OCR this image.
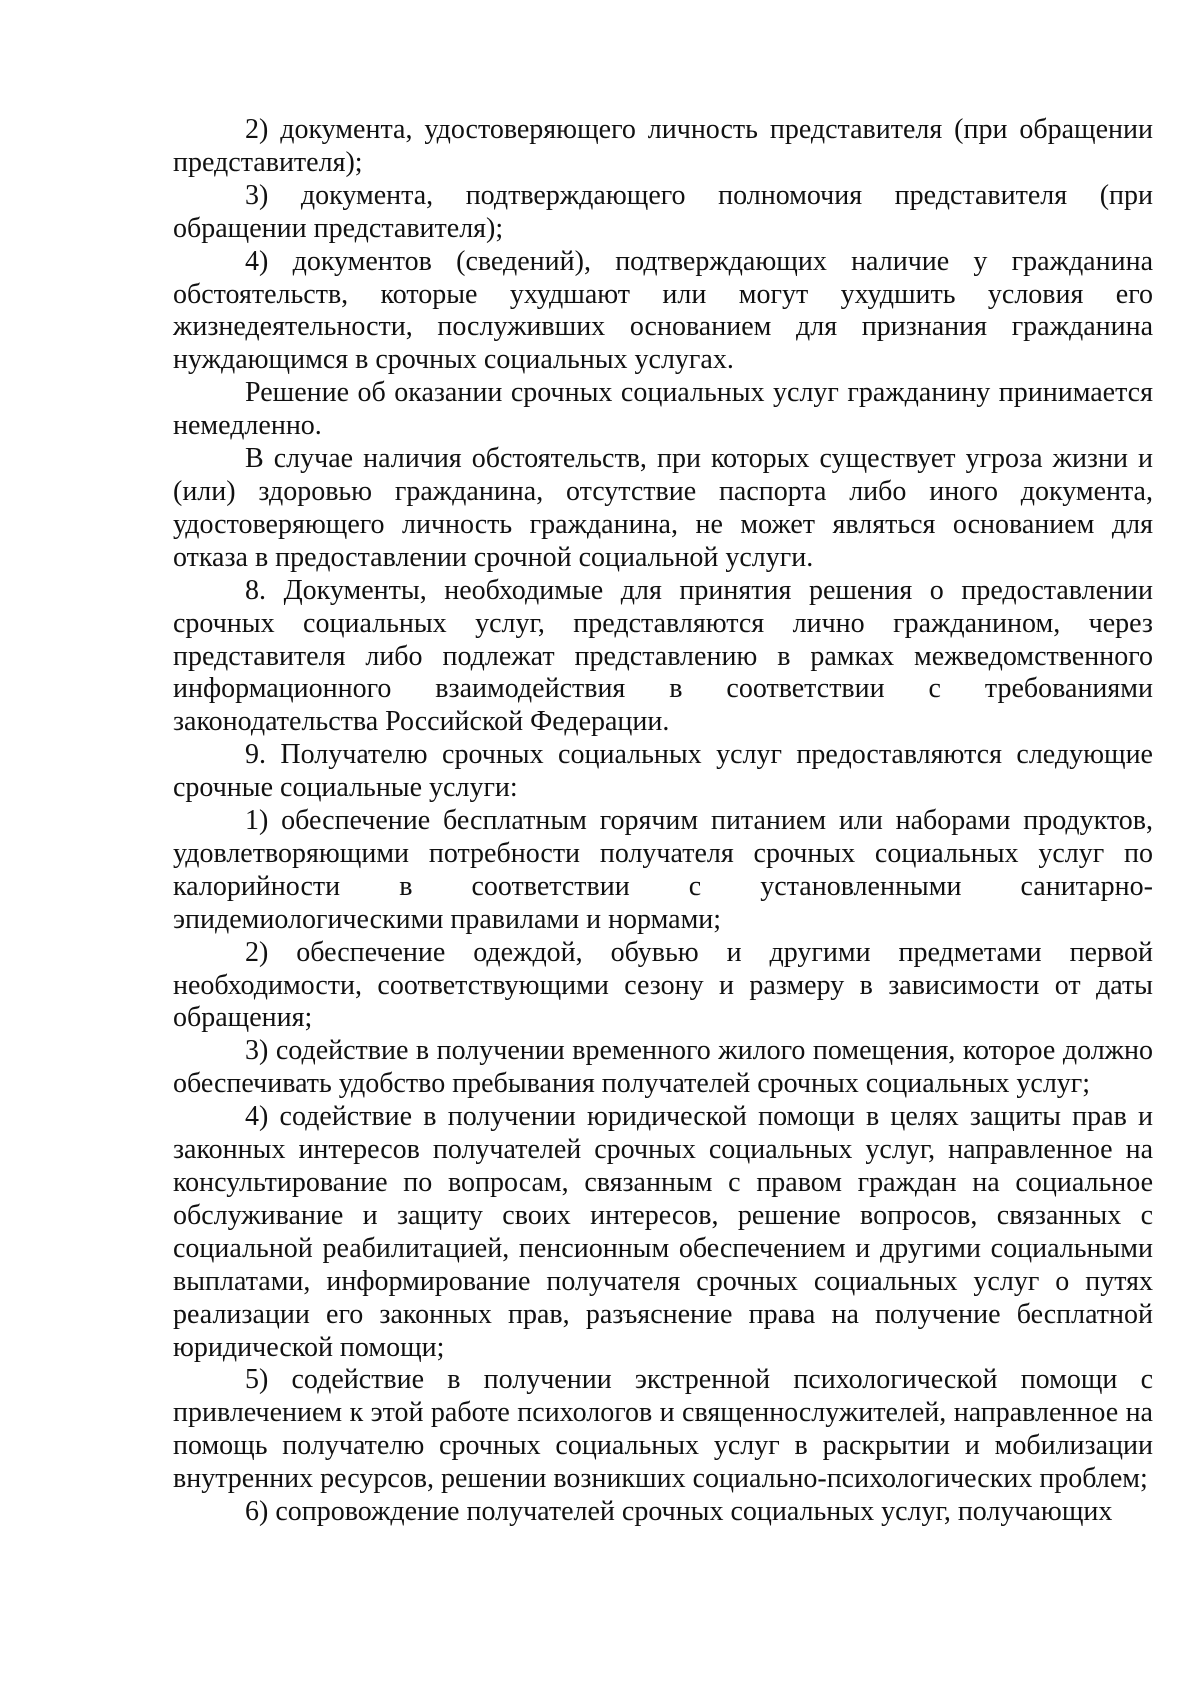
2) документа, удостоверяющего личность представителя (при обращении представителя);

3) документа, подтверждающего полномочия представителя (при обращении представителя);

4) документов (сведений), подтверждающих наличие у гражданина обстоятельств, которые ухудшают или могут ухудшить условия его жизнедеятельности, послуживших основанием для признания гражданина нуждающимся в срочных социальных услугах.

Решение об оказании срочных социальных услуг гражданину принимается немедленно.

В случае наличия обстоятельств, при которых существует угроза жизни и (или) здоровью гражданина, отсутствие паспорта либо иного документа, удостоверяющего личность гражданина, не может являться основанием для отказа в предоставлении срочной социальной услуги.

8. Документы, необходимые для принятия решения о предоставлении срочных социальных услуг, представляются лично гражданином, через представителя либо подлежат представлению в рамках межведомственного информационного взаимодействия в соответствии с требованиями законодательства Российской Федерации.

9. Получателю срочных социальных услуг предоставляются следующие срочные социальные услуги:

1) обеспечение бесплатным горячим питанием или наборами продуктов, удовлетворяющими потребности получателя срочных социальных услуг по калорийности в соответствии с установленными санитарно-эпидемиологическими правилами и нормами;

2) обеспечение одеждой, обувью и другими предметами первой необходимости, соответствующими сезону и размеру в зависимости от даты обращения;

3) содействие в получении временного жилого помещения, которое должно обеспечивать удобство пребывания получателей срочных социальных услуг;

4) содействие в получении юридической помощи в целях защиты прав и законных интересов получателей срочных социальных услуг, направленное на консультирование по вопросам, связанным с правом граждан на социальное обслуживание и защиту своих интересов, решение вопросов, связанных с социальной реабилитацией, пенсионным обеспечением и другими социальными выплатами, информирование получателя срочных социальных услуг о путях реализации его законных прав, разъяснение права на получение бесплатной юридической помощи;

5) содействие в получении экстренной психологической помощи с привлечением к этой работе психологов и священнослужителей, направленное на помощь получателю срочных социальных услуг в раскрытии и мобилизации внутренних ресурсов, решении возникших социально-психологических проблем;

6) сопровождение получателей срочных социальных услуг, получающих
